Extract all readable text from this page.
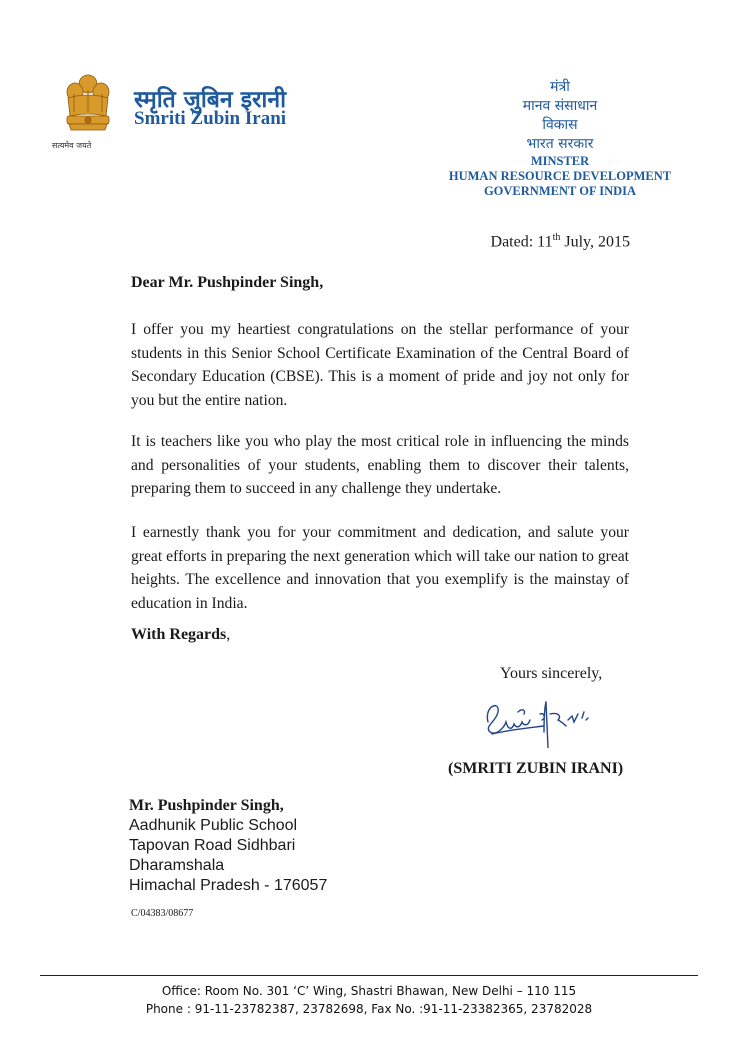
सत्यमेव जयते
स्मृति जुबिन इरानी
Smriti Zubin Irani
मंत्री
मानव संसाधान
विकास
भारत सरकार
MINSTER
HUMAN RESOURCE DEVELOPMENT
GOVERNMENT OF INDIA
Dated: 11th July, 2015
Dear Mr. Pushpinder Singh,
I offer you my heartiest congratulations on the stellar performance of your students in this Senior School Certificate Examination of the Central Board of Secondary Education (CBSE). This is a moment of pride and joy not only for you but the entire nation.
It is teachers like you who play the most critical role in influencing the minds and personalities of your students, enabling them to discover their talents, preparing them to succeed in any challenge they undertake.
I earnestly thank you for your commitment and dedication, and salute your great efforts in preparing the next generation which will take our nation to great heights. The excellence and innovation that you exemplify is the mainstay of education in India.
With Regards,
Yours sincerely,
(SMRITI ZUBIN IRANI)
Mr. Pushpinder Singh,
Aadhunik Public School
Tapovan Road Sidhbari
Dharamshala
Himachal Pradesh - 176057
C/04383/08677
Office: Room No. 301 ‘C’ Wing, Shastri Bhawan, New Delhi – 110 115
Phone : 91-11-23782387, 23782698, Fax No. :91-11-23382365, 23782028
